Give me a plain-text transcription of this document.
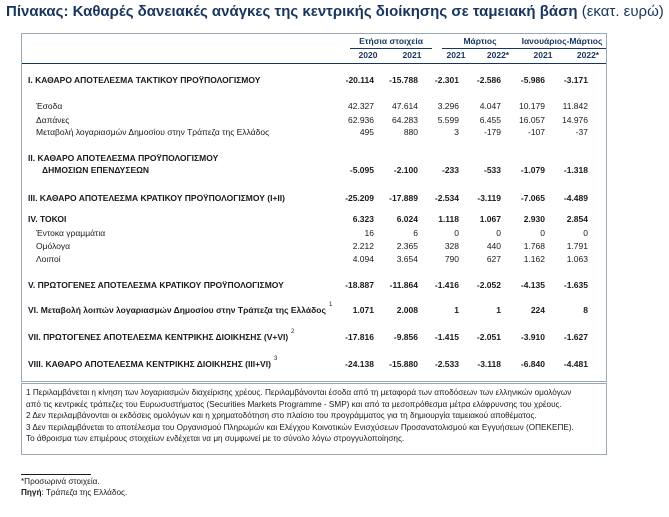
Πίνακας: Καθαρές δανειακές ανάγκες της κεντρικής διοίκησης σε ταμειακή βάση (εκατ. ευρώ)
Ετήσια στοιχεία	Μάρτιος	Ιανουάριος-Μάρτιος
2020	2021	2021	2022*	2021	2022*
I. ΚΑΘΑΡΟ ΑΠΟΤΕΛΕΣΜΑ ΤΑΚΤΙΚΟΥ ΠΡΟΫΠΟΛΟΓΙΣΜΟΥ	-20.114	-15.788	-2.301	-2.586	-5.986	-3.171
Έσοδα	42.327	47.614	3.296	4.047	10.179	11.842
Δαπάνες	62.936	64.283	5.599	6.455	16.057	14.976
Μεταβολή λογαριασμών Δημοσίου στην Τράπεζα της Ελλάδος	495	880	3	-179	-107	-37
II. ΚΑΘΑΡΟ ΑΠΟΤΕΛΕΣΜΑ ΠΡΟΫΠΟΛΟΓΙΣΜΟΥ
ΔΗΜΟΣΙΩΝ ΕΠΕΝΔΥΣΕΩΝ	-5.095	-2.100	-233	-533	-1.079	-1.318
III. ΚΑΘΑΡΟ ΑΠΟΤΕΛΕΣΜΑ ΚΡΑΤΙΚΟΥ ΠΡΟΫΠΟΛΟΓΙΣΜΟΥ (I+II)	-25.209	-17.889	-2.534	-3.119	-7.065	-4.489
IV. ΤΟΚΟΙ	6.323	6.024	1.118	1.067	2.930	2.854
Έντοκα γραμμάτια	16	6	0	0	0	0
Ομόλογα	2.212	2.365	328	440	1.768	1.791
Λοιποί	4.094	3.654	790	627	1.162	1.063
V. ΠΡΩΤΟΓΕΝΕΣ ΑΠΟΤΕΛΕΣΜΑ ΚΡΑΤΙΚΟΥ ΠΡΟΫΠΟΛΟΓΙΣΜΟΥ	-18.887	-11.864	-1.416	-2.052	-4.135	-1.635
VI. Μεταβολή λοιπών λογαριασμών Δημοσίου στην Τράπεζα της Ελλάδος 1	1.071	2.008	1	1	224	8
VII. ΠΡΩΤΟΓΕΝΕΣ ΑΠΟΤΕΛΕΣΜΑ ΚΕΝΤΡΙΚΗΣ ΔΙΟΙΚΗΣΗΣ (V+VI) 2	-17.816	-9.856	-1.415	-2.051	-3.910	-1.627
VIII. ΚΑΘΑΡΟ ΑΠΟΤΕΛΕΣΜΑ ΚΕΝΤΡΙΚΗΣ ΔΙΟΙΚΗΣΗΣ (III+VI) 3	-24.138	-15.880	-2.533	-3.118	-6.840	-4.481
1 Περιλαμβάνεται η κίνηση των λογαριασμών διαχείρισης χρέους. Περιλαμβάνονται έσοδα από τη μεταφορά των αποδόσεων των ελληνικών ομολόγων
από τις κεντρικές τράπεζες του Ευρωσυστήματος (Securities Markets Programme - SMP) και από τα μεσοπρόθεσμα μέτρα ελάφρυνσης του χρέους.
2 Δεν περιλαμβάνονται οι εκδόσεις ομολόγων και η χρηματοδότηση στο πλαίσιο του προγράμματος για τη δημιουργία ταμειακού αποθέματος.
3 Δεν περιλαμβάνεται το αποτέλεσμα του Οργανισμού Πληρωμών και Ελέγχου Κοινοτικών Ενισχύσεων Προσανατολισμού και Εγγυήσεων (ΟΠΕΚΕΠΕ).
Το άθροισμα των επιμέρους στοιχείων ενδέχεται να μη συμφωνεί με το σύνολο λόγω στρογγυλοποίησης.
*Προσωρινά στοιχεία.
Πηγή: Τράπεζα της Ελλάδος.
